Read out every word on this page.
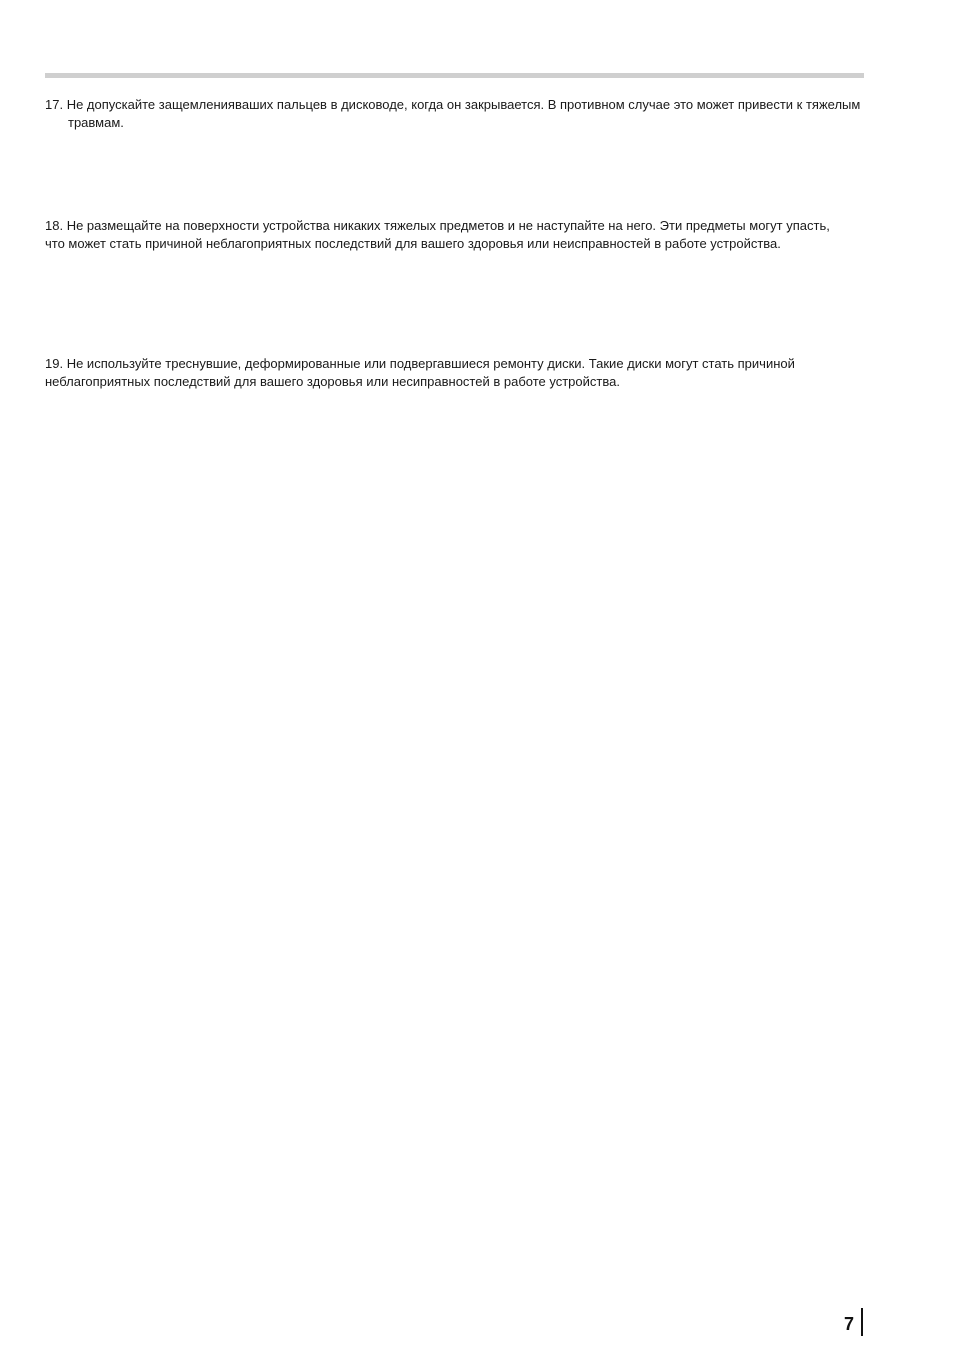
17. Не допускайте защемлениявaших пальцев в дисководе, когда он закрывается. В противном случае это может привести к тяжелым травмам.

18. Не размещайте на поверхности устройства никаких тяжелых предметов и не наступайте на него. Эти предметы могут упасть, что может стать причиной неблагоприятных последствий для вашего здоровья или неисправностей в работе устройства.

19. Не используйте треснувшие, деформированные или подвергавшиеся ремонту диски. Такие диски могут стать причиной неблагоприятных последствий для вашего здоровья или несиправностей в работе устройства.

7
